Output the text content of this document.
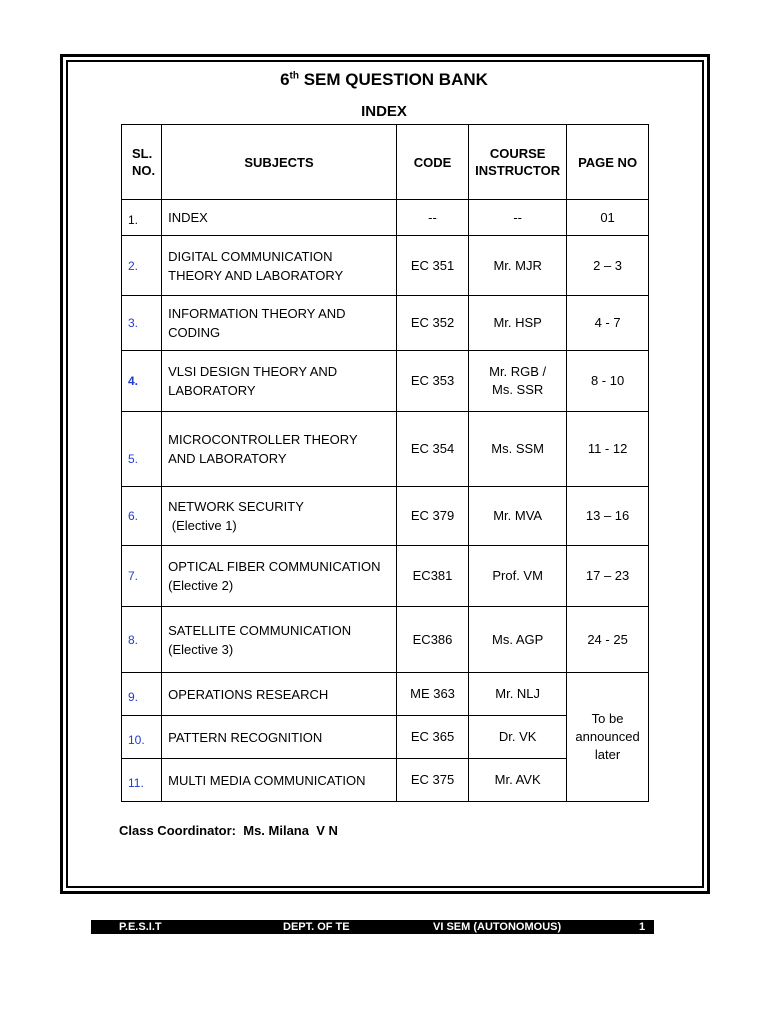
6th SEM QUESTION BANK
INDEX
SL.
NO.	SUBJECTS	CODE	COURSE
INSTRUCTOR	PAGE NO
1.	INDEX	--	--	01
2.	DIGITAL COMMUNICATION
THEORY AND LABORATORY	EC 351	Mr. MJR	2 – 3
3.	INFORMATION THEORY AND
CODING	EC 352	Mr. HSP	4 - 7
4.	VLSI DESIGN THEORY AND
LABORATORY	EC 353	Mr. RGB /
Ms. SSR	8 - 10
5.	MICROCONTROLLER THEORY
AND LABORATORY	EC 354	Ms. SSM	11 - 12
6.	NETWORK SECURITY
(Elective 1)	EC 379	Mr. MVA	13 – 16
7.	OPTICAL FIBER COMMUNICATION
(Elective 2)	EC381	Prof. VM	17 – 23
8.	SATELLITE COMMUNICATION
(Elective 3)	EC386	Ms. AGP	24 - 25
9.	OPERATIONS RESEARCH	ME 363	Mr. NLJ	To be
announced
later
10.	PATTERN RECOGNITION	EC 365	Dr. VK	
11.	MULTI MEDIA COMMUNICATION	EC 375	Mr. AVK	
Class Coordinator:  Ms. Milana  V N
P.E.S.I.T	DEPT. OF TE	VI SEM (AUTONOMOUS)	1
